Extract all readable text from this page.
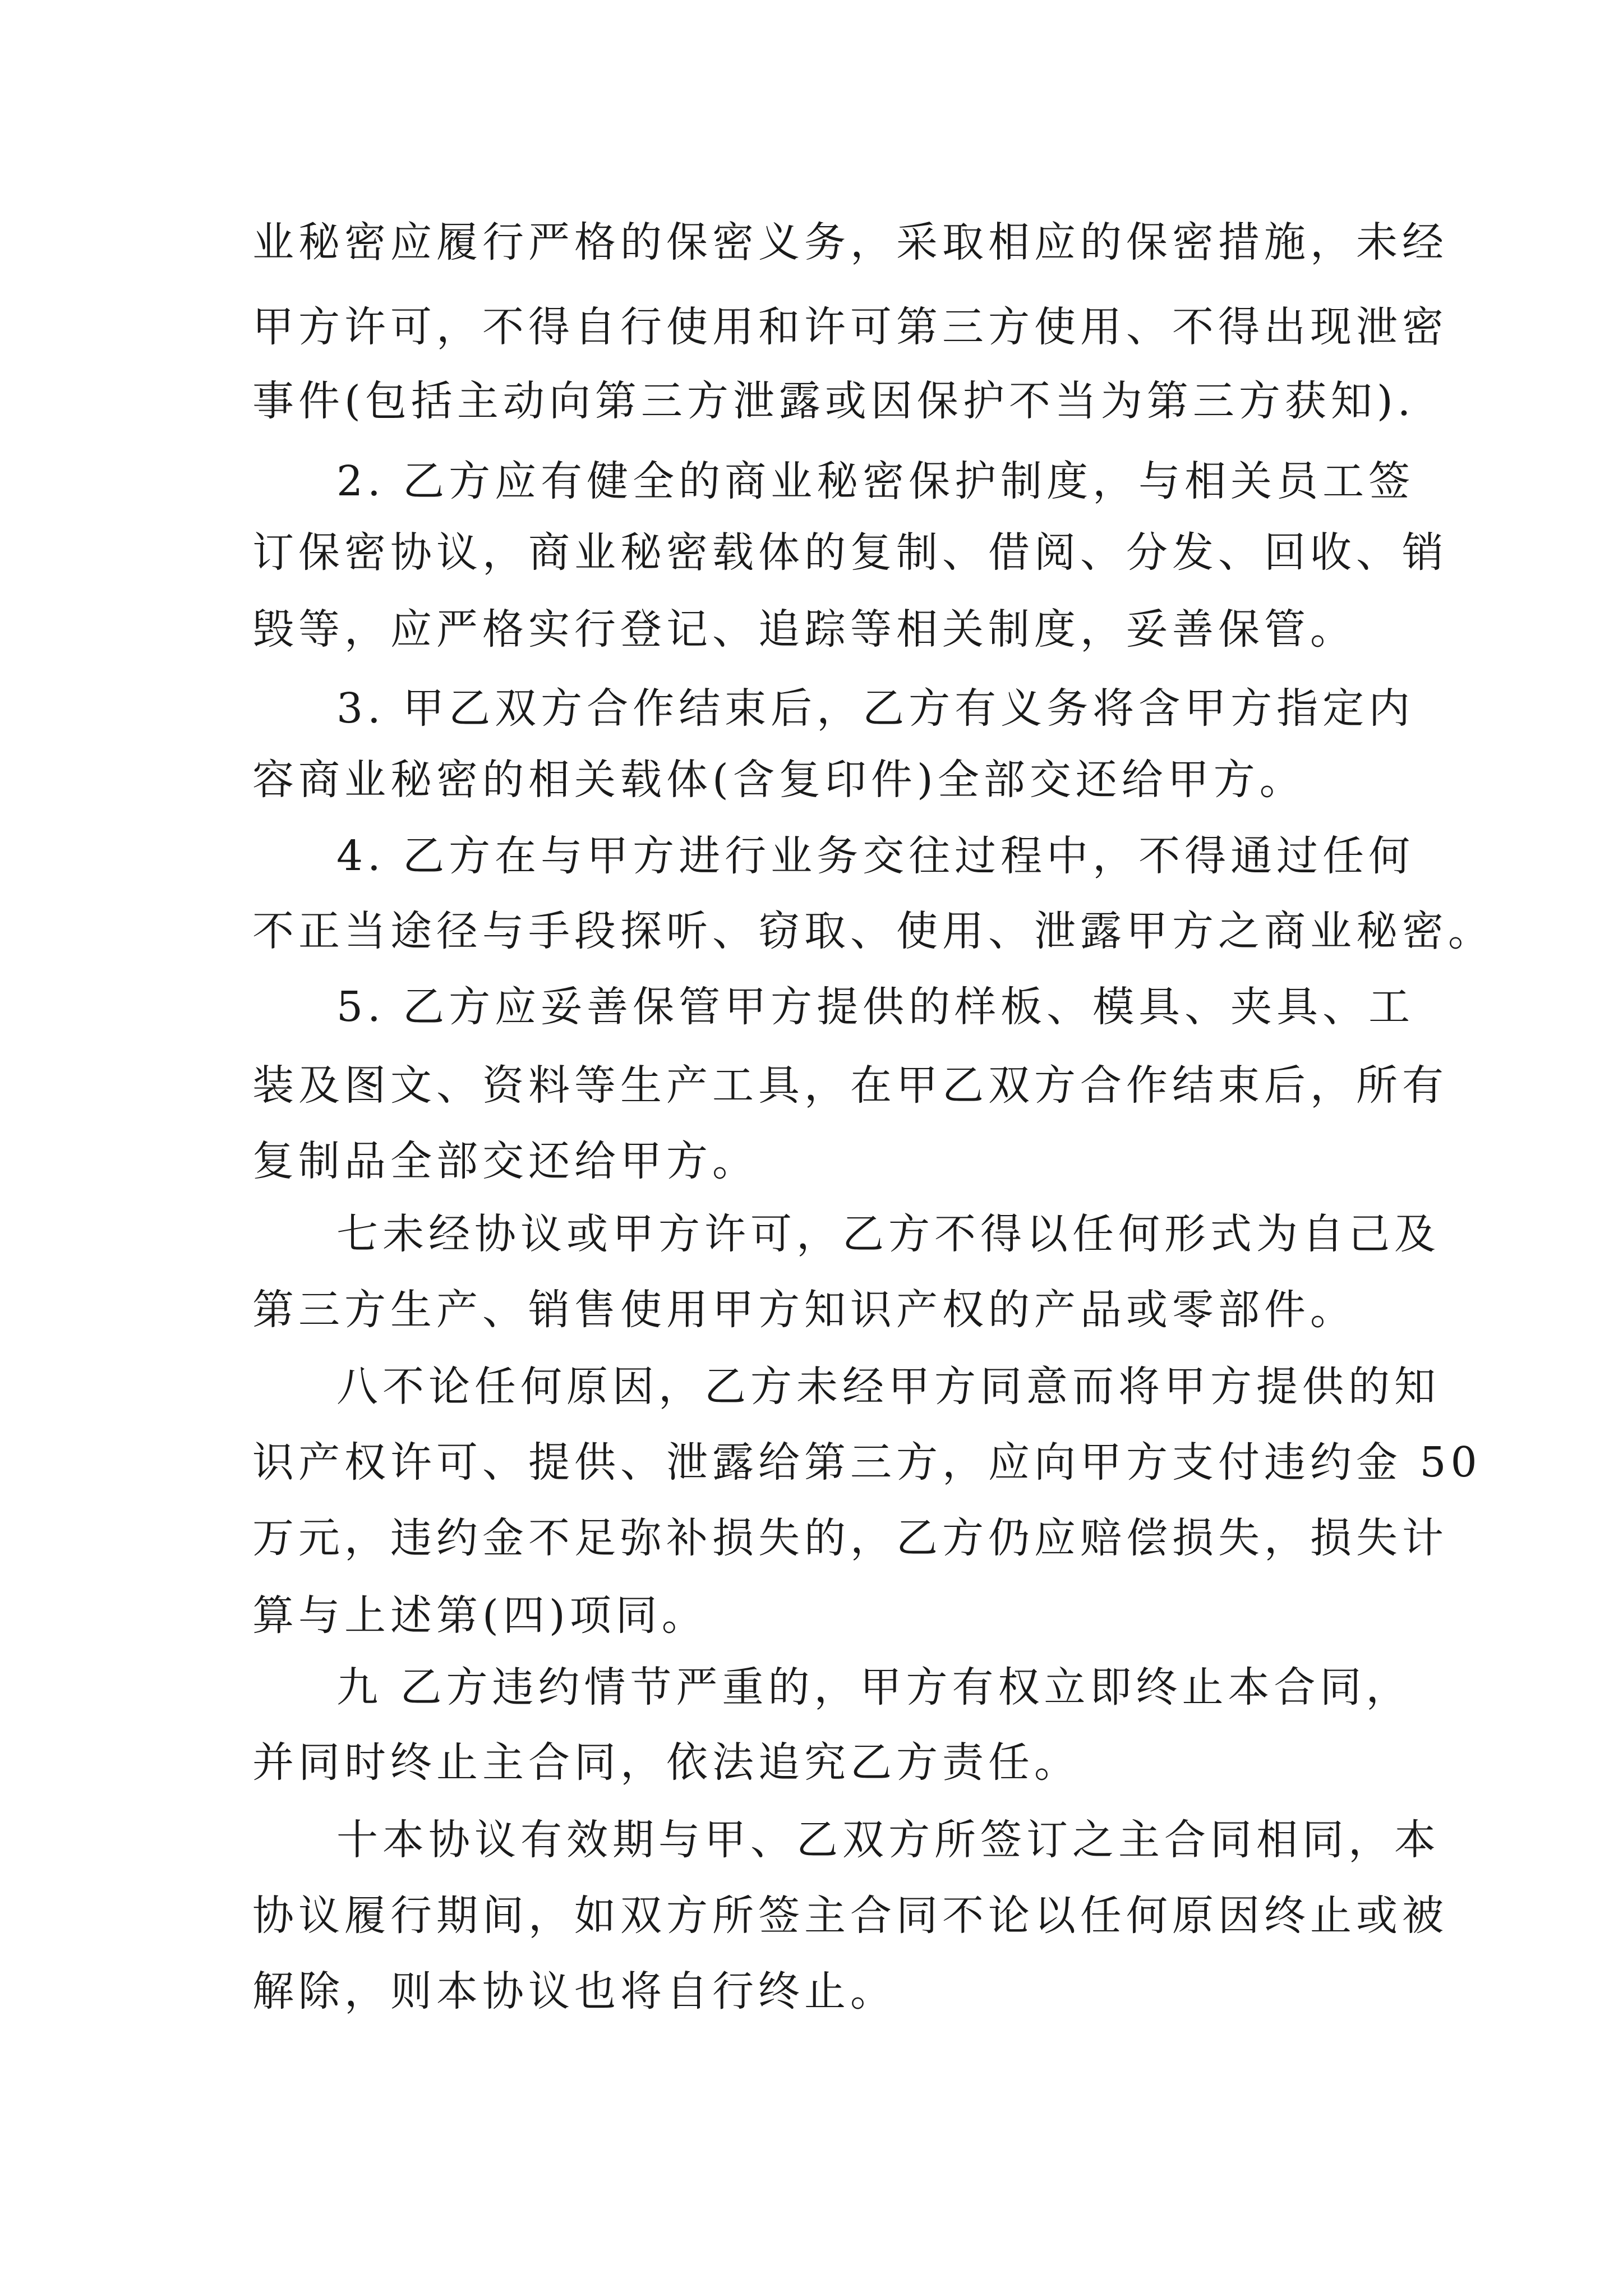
业秘密应履行严格的保密义务，采取相应的保密措施，未经

甲方许可，不得自行使用和许可第三方使用、不得出现泄密

事件(包括主动向第三方泄露或因保护不当为第三方获知).

2. 乙方应有健全的商业秘密保护制度，与相关员工签

订保密协议，商业秘密载体的复制、借阅、分发、回收、销

毁等，应严格实行登记、追踪等相关制度，妥善保管。

3. 甲乙双方合作结束后，乙方有义务将含甲方指定内

容商业秘密的相关载体(含复印件)全部交还给甲方。

4. 乙方在与甲方进行业务交往过程中，不得通过任何

不正当途径与手段探听、窃取、使用、泄露甲方之商业秘密。

5. 乙方应妥善保管甲方提供的样板、模具、夹具、工

装及图文、资料等生产工具，在甲乙双方合作结束后，所有

复制品全部交还给甲方。

七未经协议或甲方许可，乙方不得以任何形式为自己及

第三方生产、销售使用甲方知识产权的产品或零部件。

八不论任何原因，乙方未经甲方同意而将甲方提供的知

识产权许可、提供、泄露给第三方，应向甲方支付违约金 50

万元，违约金不足弥补损失的，乙方仍应赔偿损失，损失计

算与上述第(四)项同。

九 乙方违约情节严重的，甲方有权立即终止本合同，

并同时终止主合同，依法追究乙方责任。

十本协议有效期与甲、乙双方所签订之主合同相同，本

协议履行期间，如双方所签主合同不论以任何原因终止或被

解除，则本协议也将自行终止。
